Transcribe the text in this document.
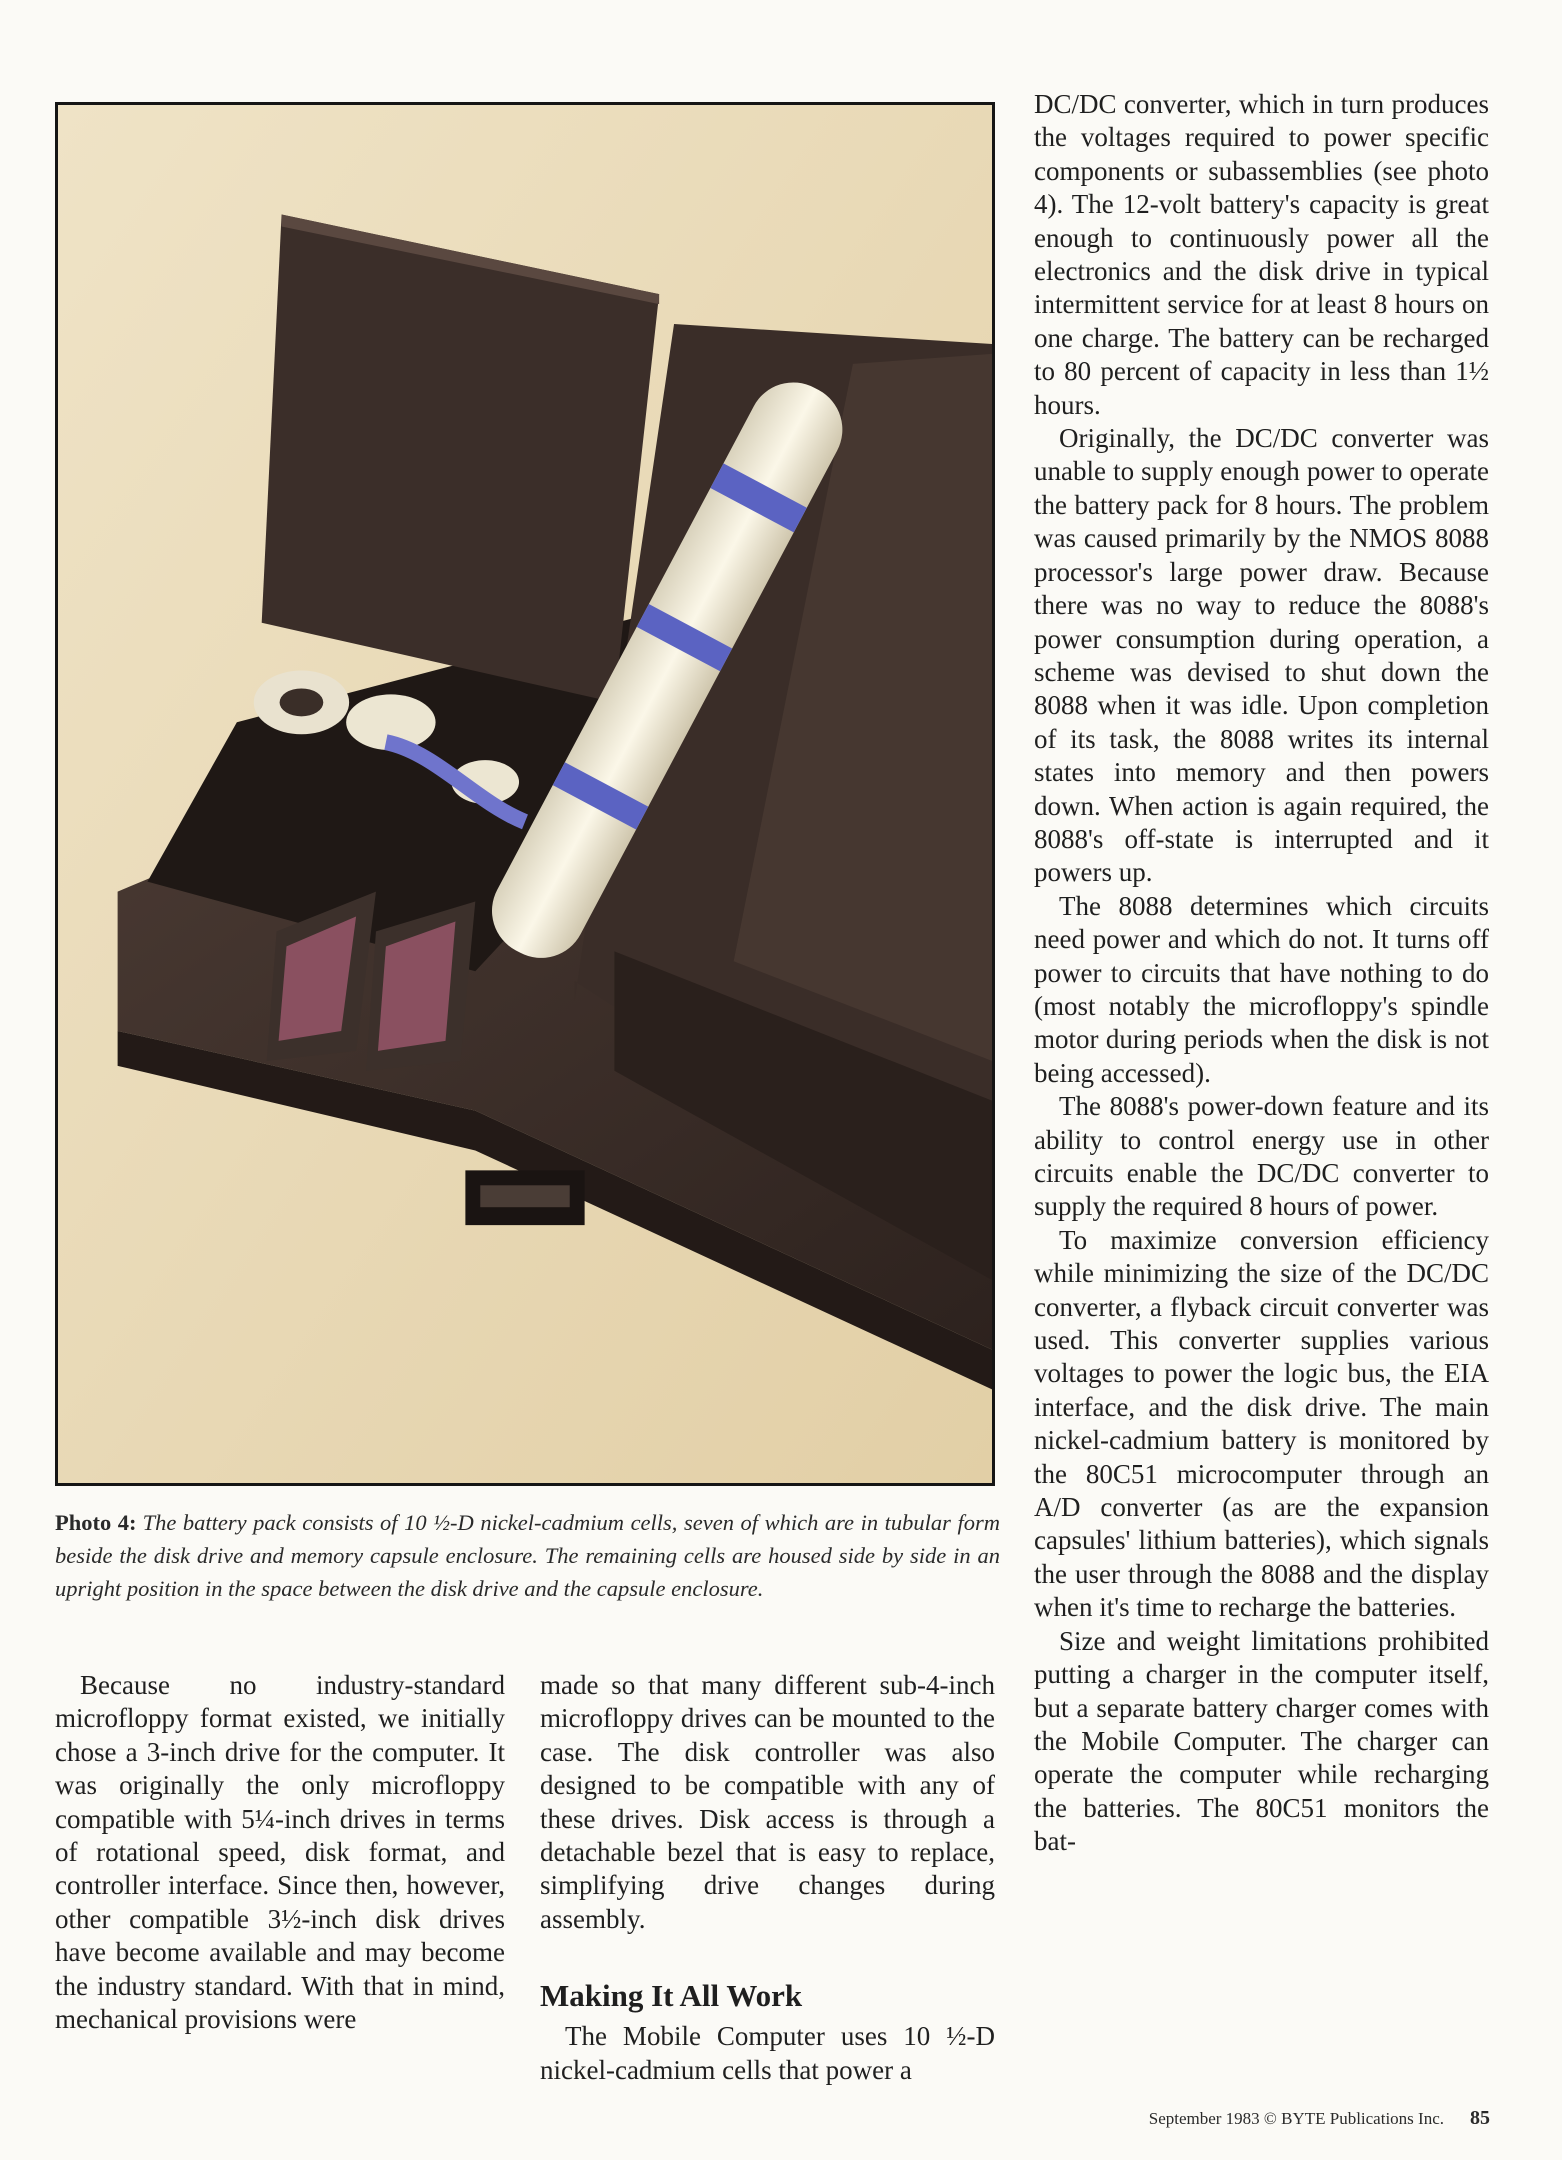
Photo 4: The battery pack consists of 10 ½-D nickel-cadmium cells, seven of which are in tubular form beside the disk drive and memory capsule enclosure. The remaining cells are housed side by side in an upright position in the space between the disk drive and the capsule enclosure.

Because no industry-standard microfloppy format existed, we initially chose a 3-inch drive for the computer. It was originally the only microfloppy compatible with 5¼-inch drives in terms of rotational speed, disk format, and controller interface. Since then, however, other compatible 3½-inch disk drives have become available and may become the industry standard. With that in mind, mechanical provisions were

made so that many different sub-4-inch microfloppy drives can be mounted to the case. The disk controller was also designed to be compatible with any of these drives. Disk access is through a detachable bezel that is easy to replace, simplifying drive changes during assembly.

Making It All Work

The Mobile Computer uses 10 ½-D nickel-cadmium cells that power a

DC/DC converter, which in turn produces the voltages required to power specific components or subassemblies (see photo 4). The 12-volt battery's capacity is great enough to continuously power all the electronics and the disk drive in typical intermittent service for at least 8 hours on one charge. The battery can be recharged to 80 percent of capacity in less than 1½ hours.

Originally, the DC/DC converter was unable to supply enough power to operate the battery pack for 8 hours. The problem was caused primarily by the NMOS 8088 processor's large power draw. Because there was no way to reduce the 8088's power consumption during operation, a scheme was devised to shut down the 8088 when it was idle. Upon completion of its task, the 8088 writes its internal states into memory and then powers down. When action is again required, the 8088's off-state is interrupted and it powers up.

The 8088 determines which circuits need power and which do not. It turns off power to circuits that have nothing to do (most notably the microfloppy's spindle motor during periods when the disk is not being accessed).

The 8088's power-down feature and its ability to control energy use in other circuits enable the DC/DC converter to supply the required 8 hours of power.

To maximize conversion efficiency while minimizing the size of the DC/DC converter, a flyback circuit converter was used. This converter supplies various voltages to power the logic bus, the EIA interface, and the disk drive. The main nickel-cadmium battery is monitored by the 80C51 microcomputer through an A/D converter (as are the expansion capsules' lithium batteries), which signals the user through the 8088 and the display when it's time to recharge the batteries.

Size and weight limitations prohibited putting a charger in the computer itself, but a separate battery charger comes with the Mobile Computer. The charger can operate the computer while recharging the batteries. The 80C51 monitors the bat-

September 1983 © BYTE Publications Inc. 85
